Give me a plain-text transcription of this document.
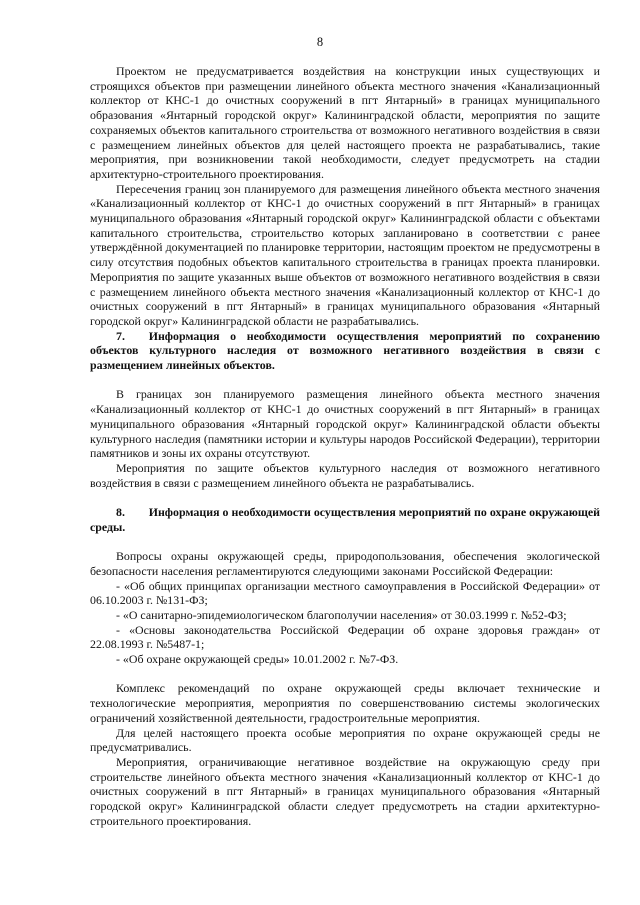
8

Проектом не предусматривается воздействия на конструкции иных существующих и строящихся объектов при размещении линейного объекта местного значения «Канализационный коллектор от КНС-1 до очистных сооружений в пгт Янтарный» в границах муниципального образования «Янтарный городской округ» Калининградской области, мероприятия по защите сохраняемых объектов капитального строительства от возможного негативного воздействия в связи с размещением линейных объектов для целей настоящего проекта не разрабатывались, такие мероприятия, при возникновении такой необходимости, следует предусмотреть на стадии архитектурно-строительного проектирования.

Пересечения границ зон планируемого для размещения линейного объекта местного значения «Канализационный коллектор от КНС-1 до очистных сооружений в пгт Янтарный» в границах муниципального образования «Янтарный городской округ» Калининградской области с объектами капитального строительства, строительство которых запланировано в соответствии с ранее утверждённой документацией по планировке территории, настоящим проектом не предусмотрены в силу отсутствия подобных объектов капитального строительства в границах проекта планировки. Мероприятия по защите указанных выше объектов от возможного негативного воздействия в связи с размещением линейного объекта местного значения «Канализационный коллектор от КНС-1 до очистных сооружений в пгт Янтарный» в границах муниципального образования «Янтарный городской округ» Калининградской области не разрабатывались.

7.  Информация о необходимости осуществления мероприятий по сохранению объектов культурного наследия от возможного негативного воздействия в связи с размещением линейных объектов.

В границах зон планируемого размещения линейного объекта местного значения «Канализационный коллектор от КНС-1 до очистных сооружений в пгт Янтарный» в границах муниципального образования «Янтарный городской округ» Калининградской области объекты культурного наследия (памятники истории и культуры народов Российской Федерации), территории памятников и зоны их охраны отсутствуют.

Мероприятия по защите объектов культурного наследия от возможного негативного воздействия в связи с размещением линейного объекта не разрабатывались.

8.  Информация о необходимости осуществления мероприятий по охране окружающей среды.

Вопросы охраны окружающей среды, природопользования, обеспечения экологической безопасности населения регламентируются следующими законами Российской Федерации:

- «Об общих принципах организации местного самоуправления в Российской Федерации» от 06.10.2003 г. №131-ФЗ;

- «О санитарно-эпидемиологическом благополучии населения» от 30.03.1999 г. №52-ФЗ;

- «Основы законодательства Российской Федерации об охране здоровья граждан» от 22.08.1993 г. №5487-1;

- «Об охране окружающей среды» 10.01.2002 г. №7-ФЗ.

Комплекс рекомендаций по охране окружающей среды включает технические и технологические мероприятия, мероприятия по совершенствованию системы экологических ограничений хозяйственной деятельности, градостроительные мероприятия.

Для целей настоящего проекта особые мероприятия по охране окружающей среды не предусматривались.

Мероприятия, ограничивающие негативное воздействие на окружающую среду при строительстве линейного объекта местного значения «Канализационный коллектор от КНС-1 до очистных сооружений в пгт Янтарный» в границах муниципального образования «Янтарный городской округ» Калининградской области следует предусмотреть на стадии архитектурно-строительного проектирования.
